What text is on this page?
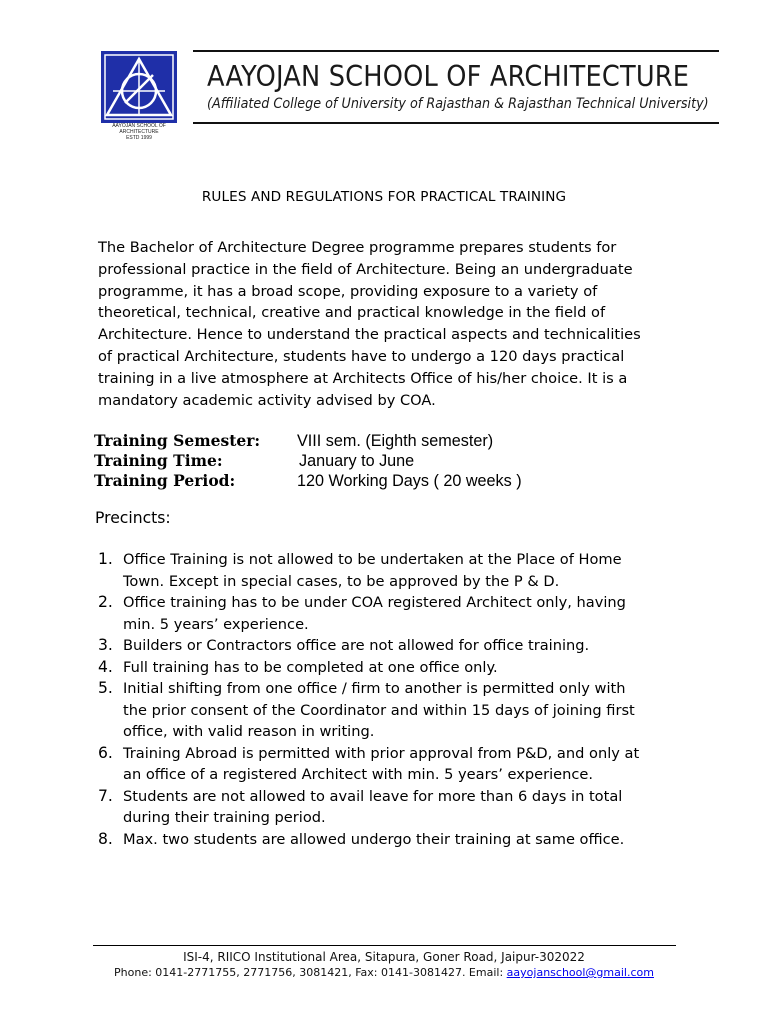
AAYOJAN SCHOOL OF ARCHITECTURE
ESTD 1999
AAYOJAN SCHOOL OF ARCHITECTURE
(Affiliated College of University of Rajasthan & Rajasthan Technical University)
RULES AND REGULATIONS FOR PRACTICAL TRAINING
The Bachelor of Architecture Degree programme prepares students for
professional practice in the field of Architecture. Being an undergraduate
programme, it has a broad scope, providing exposure to a variety of
theoretical, technical, creative and practical knowledge in the field of
Architecture. Hence to understand the practical aspects and technicalities
of practical Architecture, students have to undergo a 120 days practical
training in a live atmosphere at Architects Office of his/her choice. It is a
mandatory academic activity advised by COA.
Training Semester: VIII sem. (Eighth semester)
Training Time:	January to June
Training Period:	120 Working Days ( 20 weeks )
Precincts:
1. Office Training is not allowed to be undertaken at the Place of Home
Town. Except in special cases, to be approved by the P & D.
2. Office training has to be under COA registered Architect only, having
min. 5 years’ experience.
3. Builders or Contractors office are not allowed for office training.
4. Full training has to be completed at one office only.
5. Initial shifting from one office / firm to another is permitted only with
the prior consent of the Coordinator and within 15 days of joining first
office, with valid reason in writing.
6. Training Abroad is permitted with prior approval from P&D, and only at
an office of a registered Architect with min. 5 years’ experience.
7. Students are not allowed to avail leave for more than 6 days in total
during their training period.
8. Max. two students are allowed undergo their training at same office.
ISI-4, RIICO Institutional Area, Sitapura, Goner Road, Jaipur-302022
Phone: 0141-2771755, 2771756, 3081421, Fax: 0141-3081427. Email: aayojanschool@gmail.com
